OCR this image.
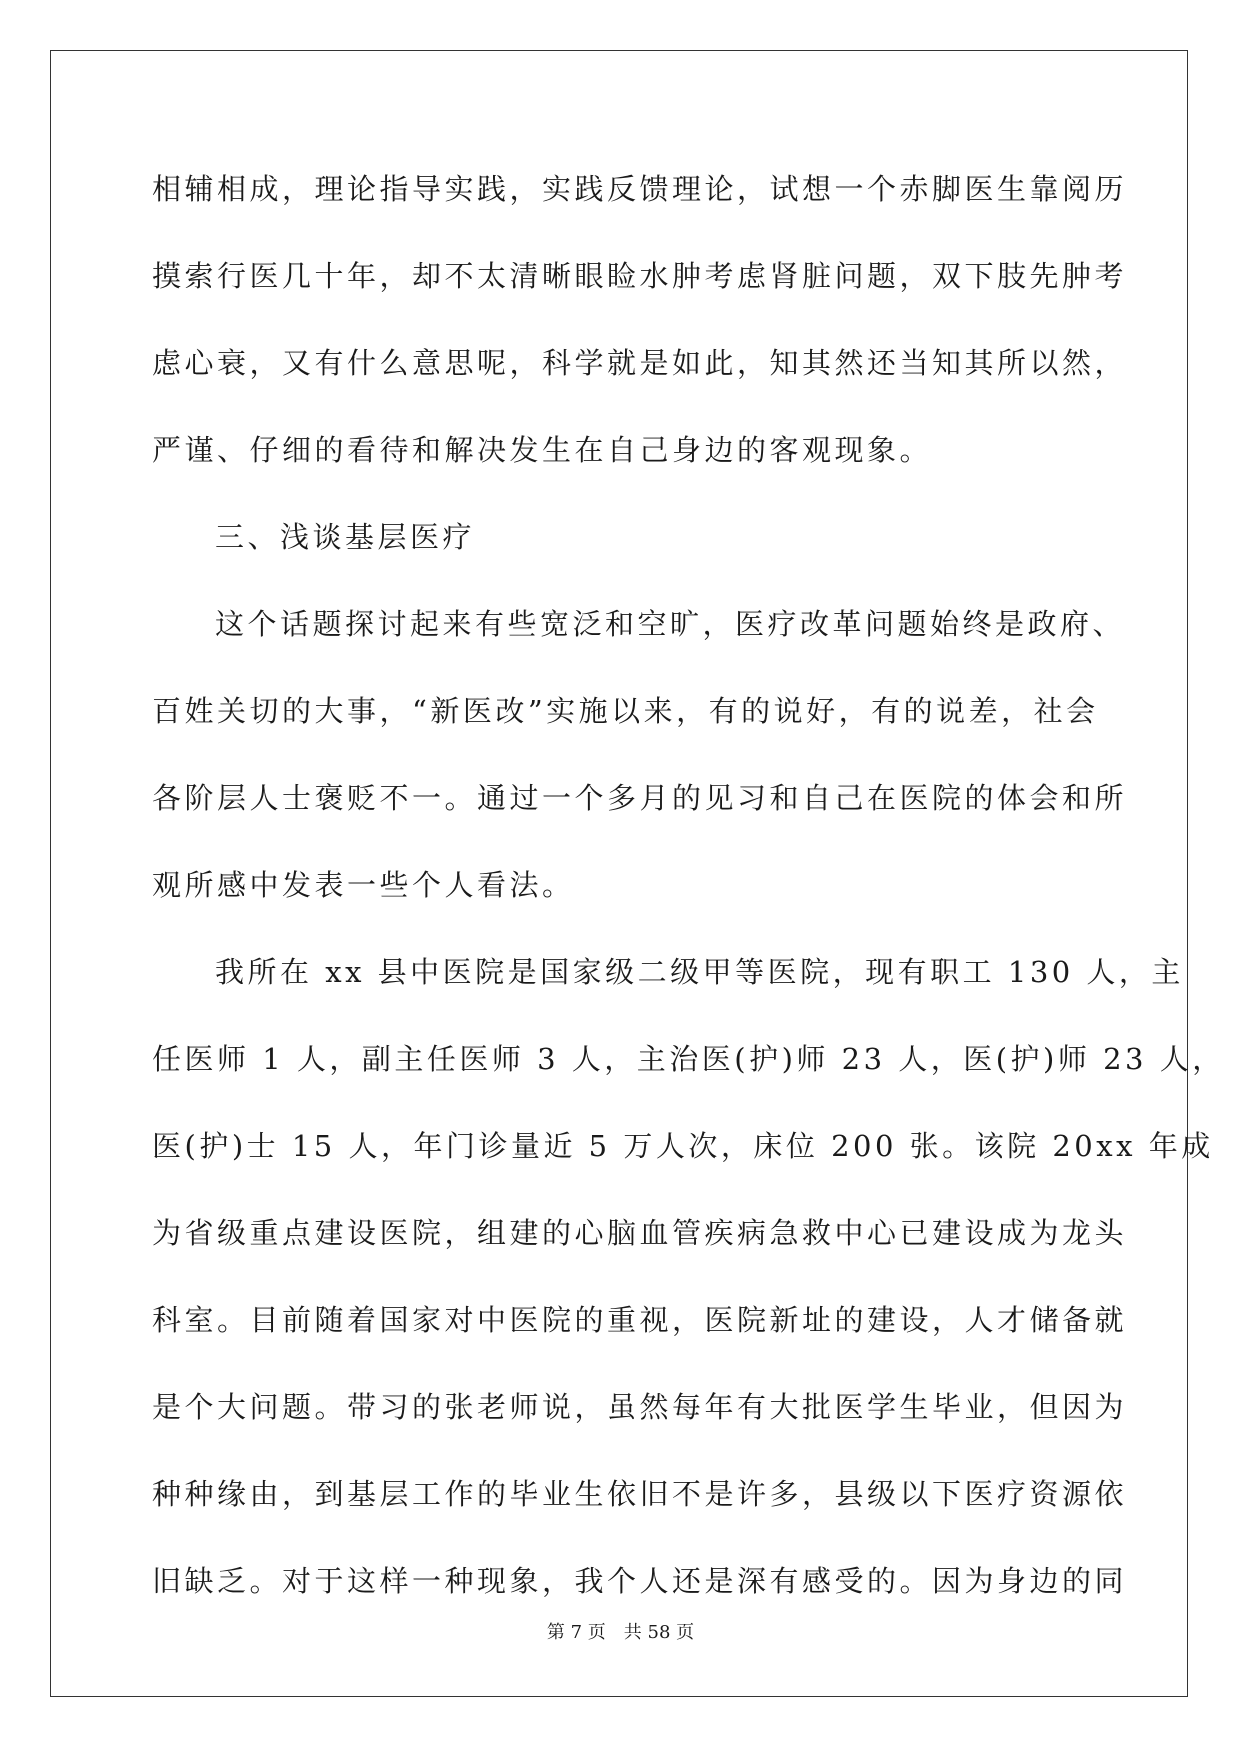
相辅相成，理论指导实践，实践反馈理论，试想一个赤脚医生靠阅历
摸索行医几十年，却不太清晰眼睑水肿考虑肾脏问题，双下肢先肿考
虑心衰，又有什么意思呢，科学就是如此，知其然还当知其所以然，
严谨、仔细的看待和解决发生在自己身边的客观现象。
三、浅谈基层医疗
这个话题探讨起来有些宽泛和空旷，医疗改革问题始终是政府、
百姓关切的大事，“新医改”实施以来，有的说好，有的说差，社会
各阶层人士褒贬不一。通过一个多月的见习和自己在医院的体会和所
观所感中发表一些个人看法。
我所在 xx 县中医院是国家级二级甲等医院，现有职工 130 人，主
任医师 1 人，副主任医师 3 人，主治医(护)师 23 人，医(护)师 23 人，
医(护)士 15 人，年门诊量近 5 万人次，床位 200 张。该院 20xx 年成
为省级重点建设医院，组建的心脑血管疾病急救中心已建设成为龙头
科室。目前随着国家对中医院的重视，医院新址的建设，人才储备就
是个大问题。带习的张老师说，虽然每年有大批医学生毕业，但因为
种种缘由，到基层工作的毕业生依旧不是许多，县级以下医疗资源依
旧缺乏。对于这样一种现象，我个人还是深有感受的。因为身边的同
第 7 页 共 58 页
